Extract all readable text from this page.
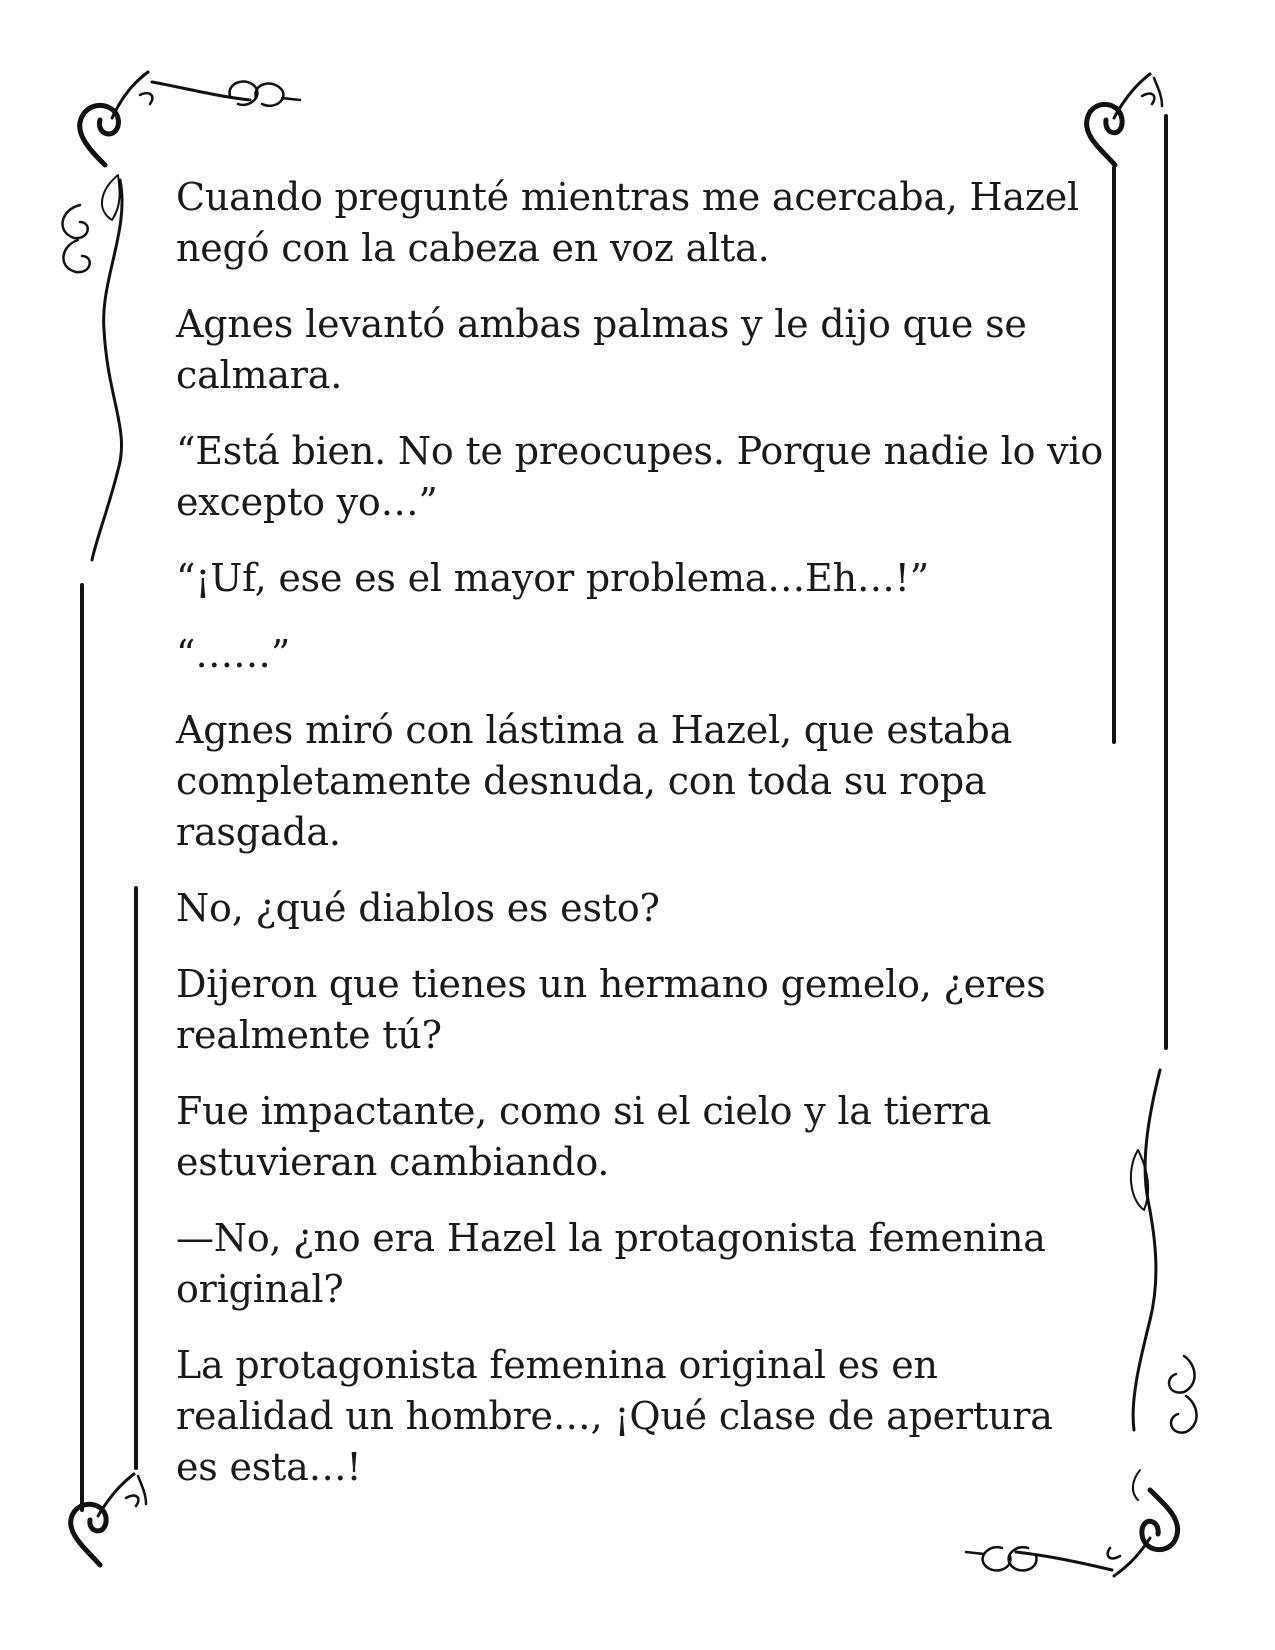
Cuando pregunté mientras me acercaba, Hazel negó con la cabeza en voz alta.

Agnes levantó ambas palmas y le dijo que se calmara.

“Está bien. No te preocupes. Porque nadie lo vio excepto yo…”

“¡Uf, ese es el mayor problema…Eh…!”

“……”

Agnes miró con lástima a Hazel, que estaba completamente desnuda, con toda su ropa rasgada.

No, ¿qué diablos es esto?

Dijeron que tienes un hermano gemelo, ¿eres realmente tú?

Fue impactante, como si el cielo y la tierra estuvieran cambiando.

—No, ¿no era Hazel la protagonista femenina original?

La protagonista femenina original es en realidad un hombre…, ¡Qué clase de apertura es esta…!
